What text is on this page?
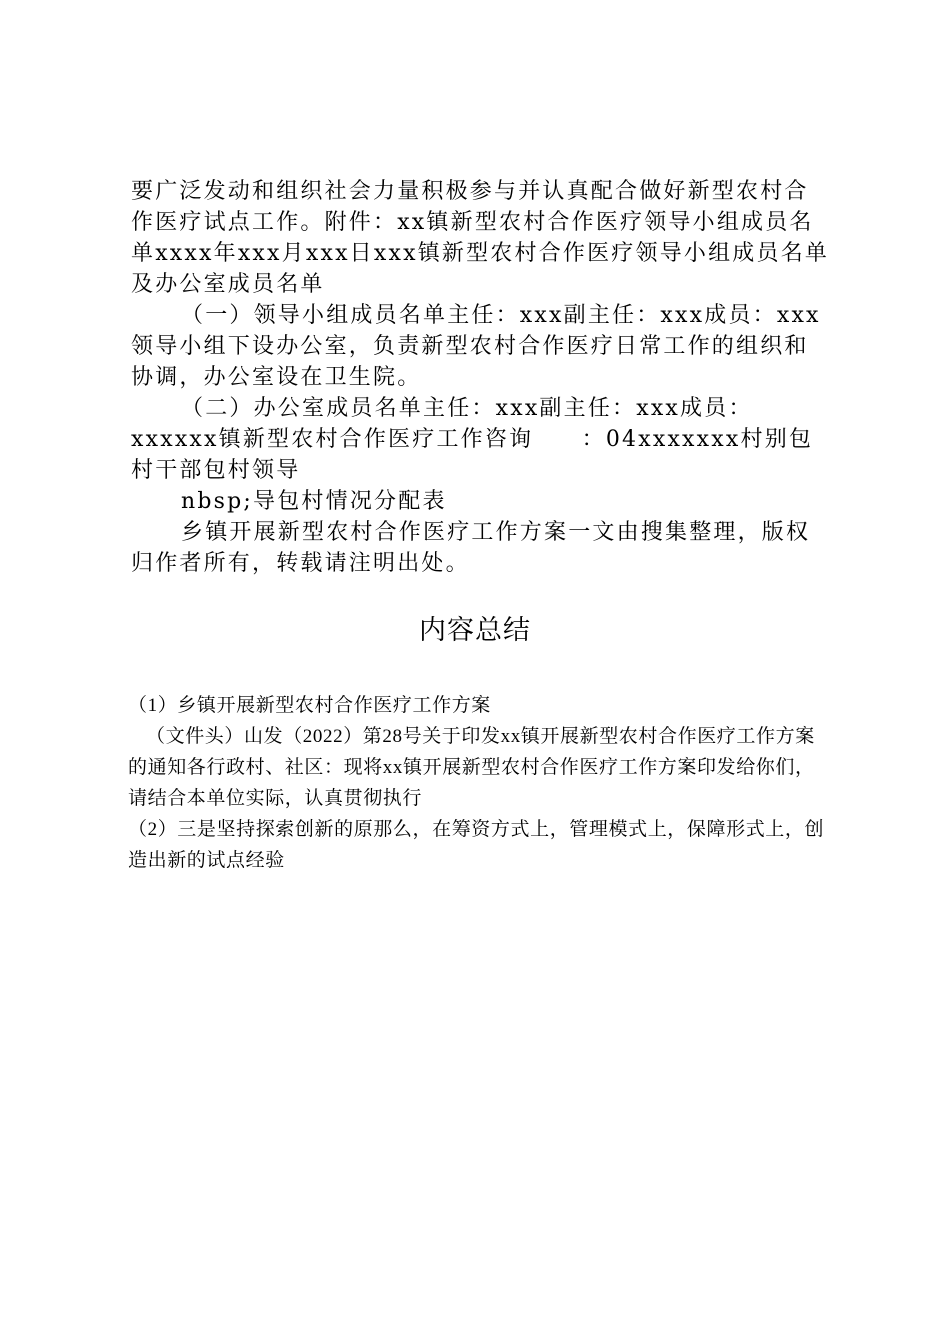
要广泛发动和组织社会力量积极参与并认真配合做好新型农村合作医疗试点工作。附件：xx镇新型农村合作医疗领导小组成员名单xxxx年xxx月xxx日xxx镇新型农村合作医疗领导小组成员名单及办公室成员名单

（一）领导小组成员名单主任：xxx副主任：xxx成员：xxx领导小组下设办公室，负责新型农村合作医疗日常工作的组织和协调，办公室设在卫生院。

（二）办公室成员名单主任：xxx副主任：xxx成员：xxxxxx镇新型农村合作医疗工作咨询　　：04xxxxxxx村别包村干部包村领导

nbsp;导包村情况分配表

乡镇开展新型农村合作医疗工作方案一文由搜集整理，版权归作者所有，转载请注明出处。

内容总结

（1）乡镇开展新型农村合作医疗工作方案

（文件头）山发（2022）第28号关于印发xx镇开展新型农村合作医疗工作方案的通知各行政村、社区：现将xx镇开展新型农村合作医疗工作方案印发给你们，请结合本单位实际，认真贯彻执行

（2）三是坚持探索创新的原那么，在筹资方式上，管理模式上，保障形式上，创造出新的试点经验
